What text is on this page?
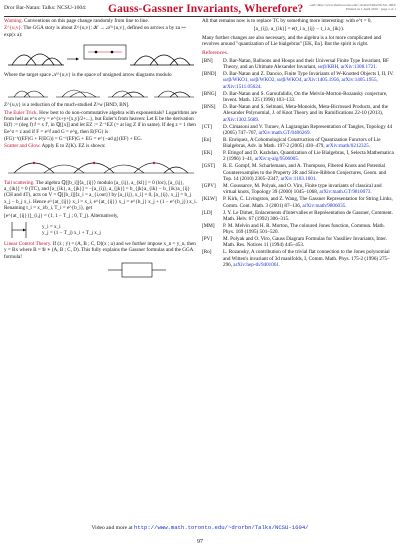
Dror Bar-Natan: Talks: NCSU-1604: Gauss-Gassner Invariants, Wherefore?	ωεβ:=http://www.math.toronto.edu/~drorbn/Talks/NCSU-1604/
Printed on 1 April 2016 · page 1 of 1

Warning. Conventions on this page change randomly from line to line.

Z^{u,v}. The GGA story is about Z^{u,v}: 𝒦 → 𝒜^{u,v}, defined on arrows a by za ↦ exp(x a):

Where the target space 𝒜^{u,v} is the space of unsigned arrow diagrams modulo

Z^{u,v} is a reduction of the much-studied Z^w [BND, BN].

The Euler Trick. How best to do non-commutative algebra with exponentials? Logarithms are from hell as e^x e^y = e^{x+y+[x,y]/2+...}, but Euler's from heaven: Let E be the derivation E(f) := (deg f) f = x f', in ℚ[[x]] and let EZ := Z⁻¹EZ (= at log Z if in same). If deg z = 1 then Ee^z = z and if F = e^f and G = e^g, then E(FG) is

(FG)⁻¹((EF)G + F(EG)) = G⁻¹(EF)G + EG = e^{−ad g}(EF) + EG.

Scatter and Glow. Apply E to Z(K). EZ is shown:

Tail scattering. The algebra ℚ[[b_i]]⟨a_{ij}⟩ modulo [a_{ij}, a_{kl}] = 0 (loc), [a_{ij}, a_{ik}] = 0 (TC), and [a_{ik}, a_{jk}] = −[a_{ij}, a_{jk}] = b_{jk}a_{ik} − b_{ik}a_{ij} (CH and 4T), acts on V = ℚ[[b_i]]⟨z_i = a_{i,out}⟩ by [a_{ij}, x_i] = 0, [a_{ij}, x_j] = b_j x_j − b_j x_i. Hence e^{at_{ij}} x_i = x_i, e^{at_{ij}} x_j = e^{b_j} x_j + (1 − e^{b_j}) x_i. Renaming t_i = x_i/b_i, T_i = e^{b_i}, get

[e^{at_{ij}}]_{i,j} = (1, 1 − T_j ; 0, T_j). Alternatively,

y_i = x_i
y_j = (1 − T_j) x_i + T_j x_j

Linear Control Theory. If (ẋ ; ẏ) = (A, B ; C, D)(x ; u) and we further impose x_n = y_n, then y = Bx where B = 𝔅 ∗ (A, B ; C, D). This fully explains the Gassner formulas and the GGA formula!

All that remains now is to replace TC by something more interesting: with e^t = 0,

[a_{ij}, a_{ik}] = e(t_i a_{ij} − t_i a_{ik}).

Many further changes are also necessary, and the algebra is a lot more complicated and revolves around "quantization of Lie bialgebras" [EK, En]. But the spirit is right.

References.
[BN] D. Bar-Natan, Balloons and Hoops and their Universal Finite Type Invariant, BF Theory, and an Ultimate Alexander Invariant, ωεβ/KBH, arXiv:1308.1721.
[BND] D. Bar-Natan and Z. Dancso, Finite Type Invariants of W-Knotted Objects I, II, IV. ωεβ/WKO1, ωεβ/WKO2, ωεβ/WKO4, arXiv:1405.1956, arXiv:1405.1955, arXiv:1511.05624.
[BNG] D. Bar-Natan and S. Garoufalidis, On the Melvin-Morton-Rozansky conjecture, Invent. Math. 125 (1996) 103–133.
[BNS] D. Bar-Natan and S. Selmani, Meta-Monoids, Meta-Bicrossed Products, and the Alexander Polynomial, J. of Knot Theory and its Ramifications 22-10 (2013), arXiv:1302.5689.
[CT] D. Cimasoni and V. Turaev, A Lagrangian Representation of Tangles, Topology 44 (2005) 747–767, arXiv:math.GT/0406269.
[En] B. Enriquez, A Cohomological Construction of Quantization Functors of Lie Bialgebras, Adv. in Math. 197-2 (2005) 430–479, arXiv:math/0212325.
[EK] P. Etingof and D. Kazhdan, Quantization of Lie Bialgebras, I, Selecta Mathematica 2 (1996) 1–41, arXiv:q-alg/9506005.
[GST] R. E. Gompf, M. Scharlemann, and A. Thompson, Fibered Knots and Potential Counterexamples to the Property 2R and Slice-Ribbon Conjectures, Geom. and Top. 14 (2010) 2305–2347, arXiv:1103.1601.
[GPV] M. Goussarov, M. Polyak, and O. Viro, Finite type invariants of classical and virtual knots, Topology 39 (2000) 1045–1068, arXiv:math.GT/9810073.
[KLW] P. Kirk, C. Livingston, and Z. Wang, The Gassner Representation for String Links, Comm. Cont. Math. 3 (2001) 87–136, arXiv:math/9806035.
[LD] J. Y. Le Dimet, Enlacements d'Intervalles et Représentation de Gassner, Comment. Math. Helv. 67 (1992) 306–315.
[MM] P. M. Melvin and H. R. Morton, The coloured Jones function, Commun. Math. Phys. 169 (1995) 501–520.
[PV] M. Polyak and O. Viro, Gauss Diagram Formulas for Vassiliev Invariants, Inter. Math. Res. Notices 11 (1994) 445–453.
[Ro] L. Rozansky, A contribution of the trivial flat connection to the Jones polynomial and Witten's invariant of 3d manifolds, I, Comm. Math. Phys. 175-2 (1996) 275–296, arXiv:hep-th/9401061.
Video and more at http://www.math.toronto.edu/~drorbn/Talks/NCSU-1604/
97
